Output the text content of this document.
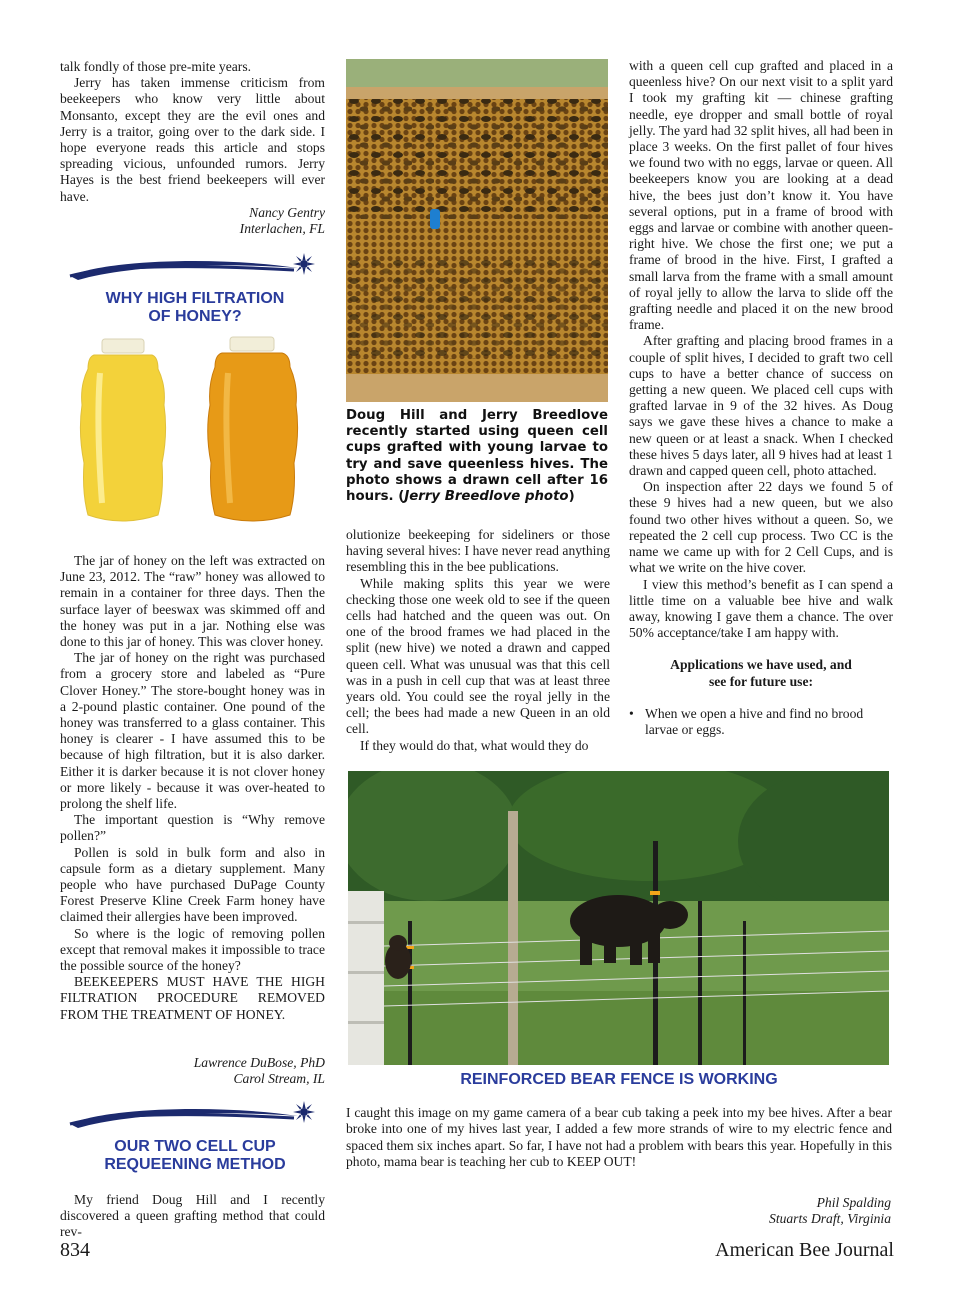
talk fondly of those pre-mite years.

Jerry has taken immense criticism from beekeepers who know very little about Monsanto, except they are the evil ones and Jerry is a traitor, going over to the dark side. I hope everyone reads this article and stops spreading vicious, unfounded rumors. Jerry Hayes is the best friend beekeepers will ever have.

Nancy Gentry
Interlachen, FL
WHY HIGH FILTRATION
OF HONEY?

The jar of honey on the left was extracted on June 23, 2012. The “raw” honey was allowed to remain in a container for three days. Then the surface layer of beeswax was skimmed off and the honey was put in a jar. Nothing else was done to this jar of honey. This was clover honey.

The jar of honey on the right was purchased from a grocery store and labeled as “Pure Clover Honey.” The store-bought honey was in a 2-pound plastic container. One pound of the honey was transferred to a glass container. This honey is clearer - I have assumed this to be because of high filtration, but it is also darker. Either it is darker because it is not clover honey or more likely - because it was over-heated to prolong the shelf life.

The important question is “Why remove pollen?”

Pollen is sold in bulk form and also in capsule form as a dietary supplement. Many people who have purchased DuPage County Forest Preserve Kline Creek Farm honey have claimed their allergies have been improved.

So where is the logic of removing pollen except that removal makes it impossible to trace the possible source of the honey?

BEEKEEPERS MUST HAVE THE HIGH FILTRATION PROCEDURE REMOVED FROM THE TREATMENT OF HONEY.

Lawrence DuBose, PhD
Carol Stream, IL
OUR TWO CELL CUP
REQUEENING METHOD

My friend Doug Hill and I recently discovered a queen grafting method that could rev-

Doug Hill and Jerry Breedlove recently started using queen cell cups grafted with young larvae to try and save queenless hives. The photo shows a drawn cell after 16 hours. (Jerry Breedlove photo)

olutionize beekeeping for sideliners or those having several hives: I have never read anything resembling this in the bee publications.

While making splits this year we were checking those one week old to see if the queen cells had hatched and the queen was out. On one of the brood frames we had placed in the split (new hive) we noted a drawn and capped queen cell. What was unusual was that this cell was in a push in cell cup that was at least three years old. You could see the royal jelly in the cell; the bees had made a new Queen in an old cell.

If they would do that, what would they do

with a queen cell cup grafted and placed in a queenless hive? On our next visit to a split yard I took my grafting kit — chinese grafting needle, eye dropper and small bottle of royal jelly. The yard had 32 split hives, all had been in place 3 weeks. On the first pallet of four hives we found two with no eggs, larvae or queen. All beekeepers know you are looking at a dead hive, the bees just don’t know it. You have several options, put in a frame of brood with eggs and larvae or combine with another queen-right hive. We chose the first one; we put a frame of brood in the hive. First, I grafted a small larva from the frame with a small amount of royal jelly to allow the larva to slide off the grafting needle and placed it on the new brood frame.

After grafting and placing brood frames in a couple of split hives, I decided to graft two cell cups to have a better chance of success on getting a new queen. We placed cell cups with grafted larvae in 9 of the 32 hives. As Doug says we gave these hives a chance to make a new queen or at least a snack. When I checked these hives 5 days later, all 9 hives had at least 1 drawn and capped queen cell, photo attached.

On inspection after 22 days we found 5 of these 9 hives had a new queen, but we also found two other hives without a queen. So, we repeated the 2 cell cup process. Two CC is the name we came up with for 2 Cell Cups, and is what we write on the hive cover.

I view this method’s benefit as I can spend a little time on a valuable bee hive and walk away, knowing I gave them a chance. The over 50% acceptance/take I am happy with.

Applications we have used, and

see for future use:

• When we open a hive and find no brood larvae or eggs.
REINFORCED BEAR FENCE IS WORKING
I caught this image on my game camera of a bear cub taking a peek into my bee hives. After a bear broke into one of my hives last year, I added a few more strands of wire to my electric fence and spaced them six inches apart. So far, I have not had a problem with bears this year. Hopefully in this photo, mama bear is teaching her cub to KEEP OUT!
Phil Spalding
Stuarts Draft, Virginia
834	American Bee Journal
